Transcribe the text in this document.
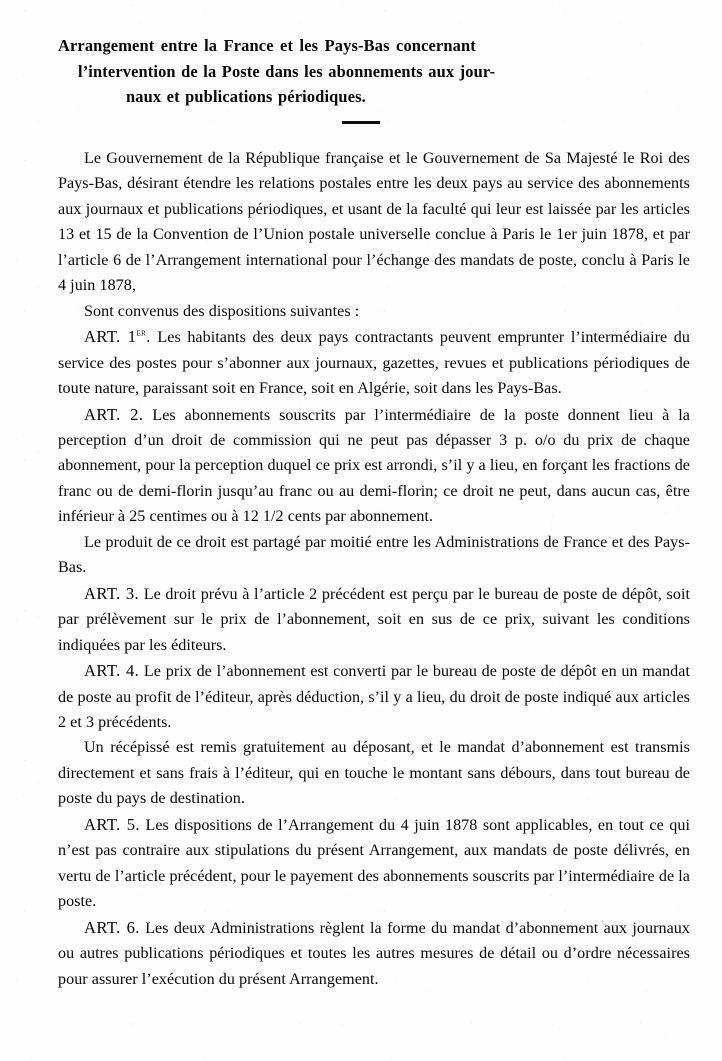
Arrangement entre la France et les Pays-Bas concernant
l’intervention de la Poste dans les abonnements aux jour-
naux et publications périodiques.

Le Gouvernement de la République française et le Gouvernement de Sa Majesté le Roi des Pays-Bas, désirant étendre les relations postales entre les deux pays au service des abonnements aux journaux et publications périodiques, et usant de la faculté qui leur est laissée par les articles 13 et 15 de la Convention de l’Union postale universelle conclue à Paris le 1er juin 1878, et par l’article 6 de l’Arrangement international pour l’échange des mandats de poste, conclu à Paris le 4 juin 1878,

Sont convenus des dispositions suivantes :

ART. 1er. Les habitants des deux pays contractants peuvent emprunter l’intermédiaire du service des postes pour s’abonner aux journaux, gazettes, revues et publications périodiques de toute nature, paraissant soit en France, soit en Algérie, soit dans les Pays-Bas.

ART. 2. Les abonnements souscrits par l’intermédiaire de la poste donnent lieu à la perception d’un droit de commission qui ne peut pas dépasser 3 p. o/o du prix de chaque abonnement, pour la perception duquel ce prix est arrondi, s’il y a lieu, en forçant les fractions de franc ou de demi-florin jusqu’au franc ou au demi-florin; ce droit ne peut, dans aucun cas, être inférieur à 25 centimes ou à 12 1/2 cents par abonnement.

Le produit de ce droit est partagé par moitié entre les Administrations de France et des Pays-Bas.

ART. 3. Le droit prévu à l’article 2 précédent est perçu par le bureau de poste de dépôt, soit par prélèvement sur le prix de l’abonnement, soit en sus de ce prix, suivant les conditions indiquées par les éditeurs.

ART. 4. Le prix de l’abonnement est converti par le bureau de poste de dépôt en un mandat de poste au profit de l’éditeur, après déduction, s’il y a lieu, du droit de poste indiqué aux articles 2 et 3 précédents.

Un récépissé est remis gratuitement au déposant, et le mandat d’abonnement est transmis directement et sans frais à l’éditeur, qui en touche le montant sans débours, dans tout bureau de poste du pays de destination.

ART. 5. Les dispositions de l’Arrangement du 4 juin 1878 sont applicables, en tout ce qui n’est pas contraire aux stipulations du présent Arrangement, aux mandats de poste délivrés, en vertu de l’article précédent, pour le payement des abonnements souscrits par l’intermédiaire de la poste.

ART. 6. Les deux Administrations règlent la forme du mandat d’abonnement aux journaux ou autres publications périodiques et toutes les autres mesures de détail ou d’ordre nécessaires pour assurer l’exécution du présent Arrangement.
